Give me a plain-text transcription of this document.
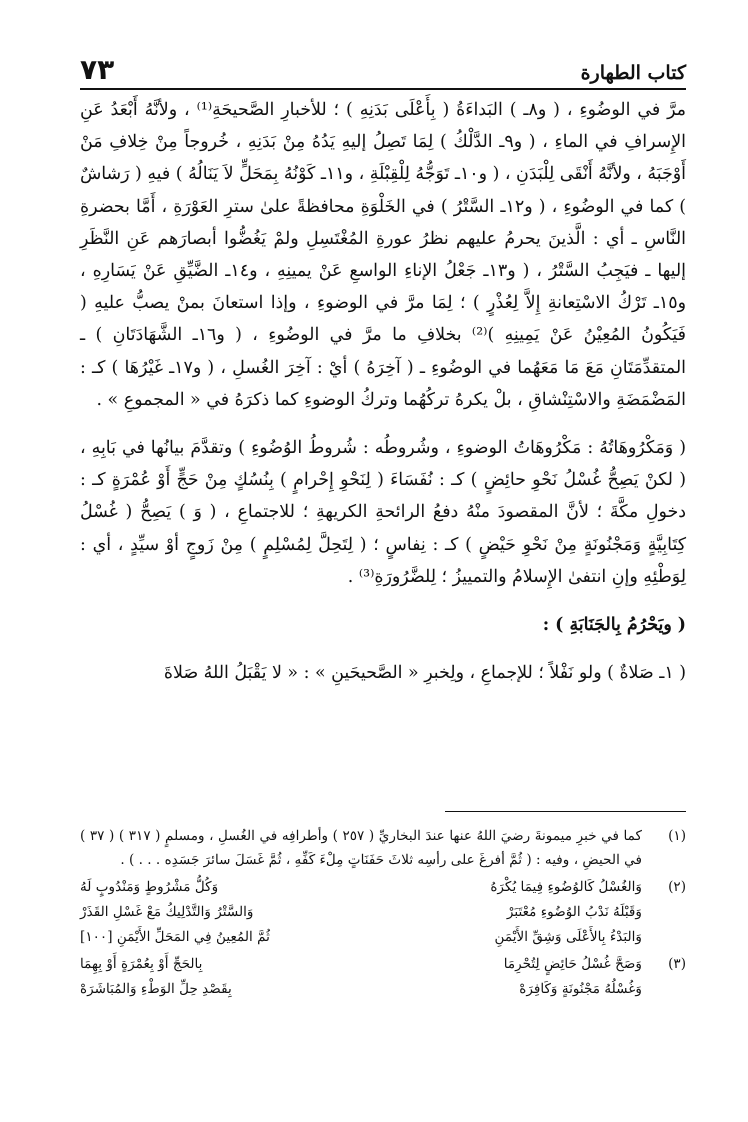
كتاب الطهارة
٧٣

مرَّ في الوضُوءِ ، ( و٨ـ ) البَداءَةُ ( بِأَعْلَى بَدَنِهِ ) ؛ للأخبارِ الصَّحيحَةِ⁽¹⁾ ، ولأنَّهُ أَبْعَدُ عَنِ الإِسرافِ في الماءِ ، ( و٩ـ الدَّلْكُ ) لِمَا تَصِلُ إليهِ يَدُهُ مِنْ بَدَنِهِ ، خُروجاً مِنْ خِلافِ مَنْ أَوْجَبَهُ ، ولأنَّهُ أَنْقَى لِلْبَدَنِ ، ( و١٠ـ تَوَجُّهُ لِلْقِبْلَةِ ، و١١ـ كَوْنُهُ بِمَحَلٍّ لاَ يَنَالُهُ ) فيهِ ( رَشاشٌ ) كما في الوضُوءِ ، ( و١٢ـ السَّتْرُ ) في الخَلْوَةِ محافظةً علىٰ سترِ العَوْرَةِ ، أَمَّا بحضرةِ النَّاسِ ـ أي : الَّذينَ يحرمُ عليهم نظرُ عورةِ المُغْتَسِلِ ولمْ يَغُضُّوا أبصارَهم عَنِ النَّظَرِ إليها ـ فيَجِبُ السَّتْرُ ، ( و١٣ـ جَعْلُ الإناءِ الواسعِ عَنْ يمينِهِ ، و١٤ـ الضَّيِّقِ عَنْ يَسَارِهِ ، و١٥ـ تَرْكُ الاسْتِعانةِ إِلاَّ لِعُذْرٍ ) ؛ لِمَا مرَّ في الوضوءِ ، وإذا استعانَ بمنْ يصبُّ عليهِ ( فَيَكُونُ المُعِيْنُ عَنْ يَمِينِهِ )⁽²⁾ بخلافِ ما مرَّ في الوضُوءِ ، ( و١٦ـ الشَّهَادَتَانِ ) ـ المتقدِّمَتَانِ مَعَ مَا مَعَهُما في الوضُوءِ ـ ( آخِرَهُ ) أيْ : آخِرَ الغُسلِ ، ( و١٧ـ غَيْرُهَا ) كـ : المَضْمَضَةِ والاسْتِنْشاقِ ، بلْ يكرهُ تركُهُما وتركُ الوضوءِ كما ذكرَهُ في « المجموعِ » .

( وَمَكْرُوهَاتُهُ : مَكْرُوهَاتُ الوضوءِ ، وشُروطُه : شُروطُ الوُضُوءِ ) وتقدَّمَ بيانُها في بَابِهِ ، ( لكنْ يَصِحُّ غُسْلُ نَحْوِ حائِضٍ ) كـ : نُفَسَاءَ ( لِنَحْوِ إِحْرامٍ ) بِنُسُكٍ مِنْ حَجٍّ أَوْ عُمْرَةٍ كـ : دخولِ مكَّةَ ؛ لأنَّ المقصودَ منْهُ دفعُ الرائحةِ الكريهةِ ؛ للاجتماعِ ، ( وَ ) يَصِحُّ ( غُسْلُ كِتَابِيَّةٍ وَمَجْنُونَةٍ مِنْ نَحْوِ حَيْضٍ ) كـ : نِفاسٍ ؛ ( لِتَحِلَّ لِمُسْلِمٍ ) مِنْ زَوجٍ أوْ سيِّدٍ ، أي : لِوَطْئِهِ وإنِ انتفىٰ الإِسلامُ والتمييزُ ؛ لِلضَّرُورَةِ⁽³⁾ .

( ويَحْرُمُ بِالجَنَابَةِ ) :

( ١ـ صَلاةٌ ) ولو نَفْلاً ؛ للإجماعِ ، ولِخبرِ « الصَّحيحَينِ » : « لا يَقْبَلُ اللهُ صَلاةَ

(١)
كما في خبرِ ميمونةَ رضيَ اللهُ عنها عندَ البخاريِّ ( ٢٥٧ ) وأطرافِه في الغُسلِ ، ومسلمٍ ( ٣١٧ ) ( ٣٧ ) في الحيضِ ، وفيه : ( ثُمَّ أفرغَ على رأسِه ثلاثَ حَفَنَاتٍ مِلْءَ كَفِّهِ ، ثُمَّ غَسَلَ سائرَ جَسَدِه . . . ) .
(٢)
وَالغُسْلُ كَالوُضُوءِ فِيمَا يُكْرَهُ
وَكُلُّ مَشْرُوطٍ وَمَنْدُوبٍ لَهُ
وَقَبْلَهُ نَدْبُ الوُضُوءِ مُعْتَبَرْ
وَالسَّتْرُ وَالتَّدْلِيكُ مَعْ غَسْلِ القَذَرْ
وَالبَدْءُ بِالأَعْلَى وَشِقِّ الأَيْمَنِ
ثُمَّ المُعِينُ فِي المَحَلِّ الأَيْمَنِ [١٠٠]
(٣)
وَصَحَّ غُسْلُ حَائِضٍ لِتُحْرِمَا
بِالحَجِّ أَوْ بِعُمْرَةٍ أَوْ بِهِمَا
وَغُسْلُهُ مَجْنُونَةٍ وَكَافِرَهْ
بِقَصْدِ حِلِّ الوَطْءِ وَالمُبَاشَرَهْ
